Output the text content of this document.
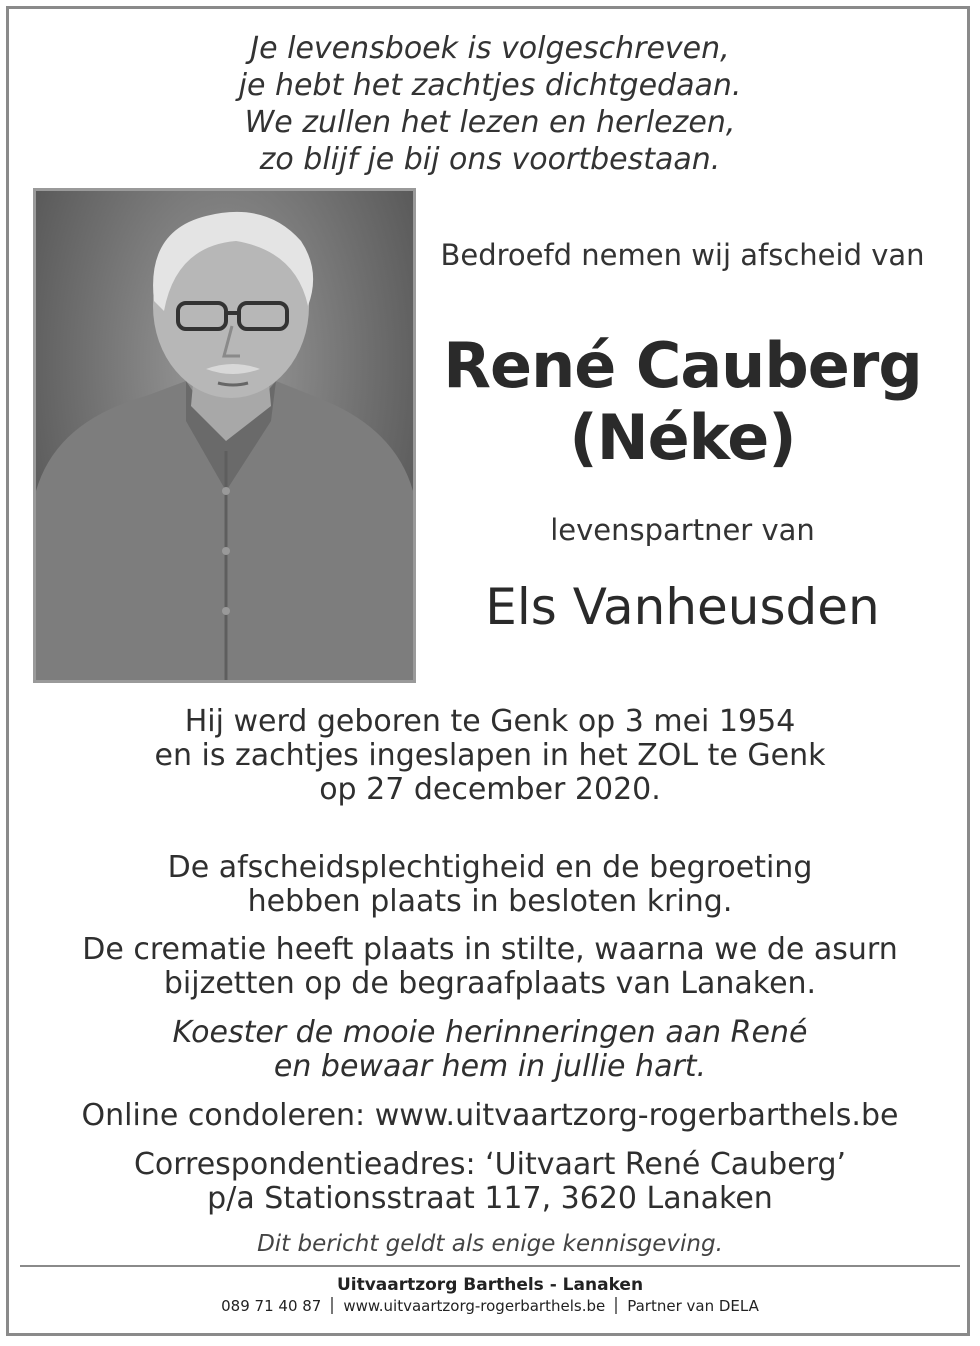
Je levensboek is volgeschreven,
je hebt het zachtjes dichtgedaan.
We zullen het lezen en herlezen,
zo blijf je bij ons voortbestaan.
Bedroefd nemen wij afscheid van
René Cauberg
(Néke)
levenspartner van
Els Vanheusden
Hij werd geboren te Genk op 3 mei 1954
en is zachtjes ingeslapen in het ZOL te Genk
op 27 december 2020.
De afscheidsplechtigheid en de begroeting
hebben plaats in besloten kring.
De crematie heeft plaats in stilte, waarna we de asurn
bijzetten op de begraafplaats van Lanaken.
Koester de mooie herinneringen aan René
en bewaar hem in jullie hart.
Online condoleren: www.uitvaartzorg-rogerbarthels.be
Correspondentieadres: ‘Uitvaart René Cauberg’
p/a Stationsstraat 117, 3620 Lanaken
Dit bericht geldt als enige kennisgeving.
Uitvaartzorg Barthels - Lanaken
089 71 40 87 www.uitvaartzorg-rogerbarthels.be Partner van DELA
